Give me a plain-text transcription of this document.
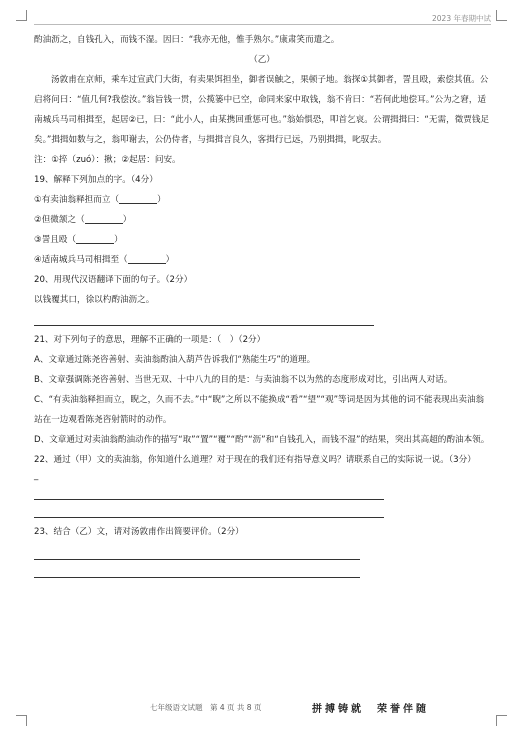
2023 年春期中试

酌油沥之，自钱孔入，而钱不湿。因曰：“我亦无他，惟手熟尔。”康肃笑而遣之。

（乙）

汤敦甫在京师，乘车过宣武门大街，有卖果饵担坐，御者误触之，果顿子地。翁探①其御者，詈且殴，索偿其值。公启将问曰：“值几何?我偿汝。”翁旨钱一贯，公揽篓中已空，命同来家中取钱，翁不肯曰：“若何此地偿耳。”公为之窘，适南城兵马司相揖至，起居②已，曰：“此小人，由某携回重惩可也。”翁始惧恐，叩首乞哀。公谓揖揖曰：“无需，徵贾钱足矣。”揖揖如数与之，翁叩谢去，公仍侍者，与揖揖言良久，客揖行已远，乃别揖揖，叱驭去。

注：①捽（zuó）：揪；②起居：问安。

19、解释下列加点的字。（4分）

①有卖油翁释担而立（	）

②但微颔之（	）

③詈且殴（	）

④适南城兵马司相揖至（	）

20、用现代汉语翻译下面的句子。（2分）

以钱覆其口，徐以杓酌油沥之。

21、对下列句子的意思，理解不正确的一项是：（　）（2分）

A、文章通过陈尧咨善射、卖油翁酌油入葫芦告诉我们“熟能生巧”的道理。

B、文章强调陈尧咨善射、当世无双、十中八九的目的是：与卖油翁不以为然的态度形成对比，引出两人对话。

C、“有卖油翁释担而立，睨之，久而不去。”中“睨”之所以不能换成“看”“望”“观”等词是因为其他的词不能表现出卖油翁站在一边观看陈尧咨射箭时的动作。

D、文章通过对卖油翁酌油动作的描写“取”“置”“覆”“酌”“沥”和“自钱孔入，而钱不湿”的结果，突出其高超的酌油本领。

22、通过（甲）文的卖油翁，你知道什么道理？对于现在的我们还有指导意义吗？请联系自己的实际说一说。（3分）

_

23、结合（乙）文，请对汤敦甫作出简要评价。（2分）

七年级语文试题　第 4 页 共 8 页	拼搏铸就　荣誉伴随
